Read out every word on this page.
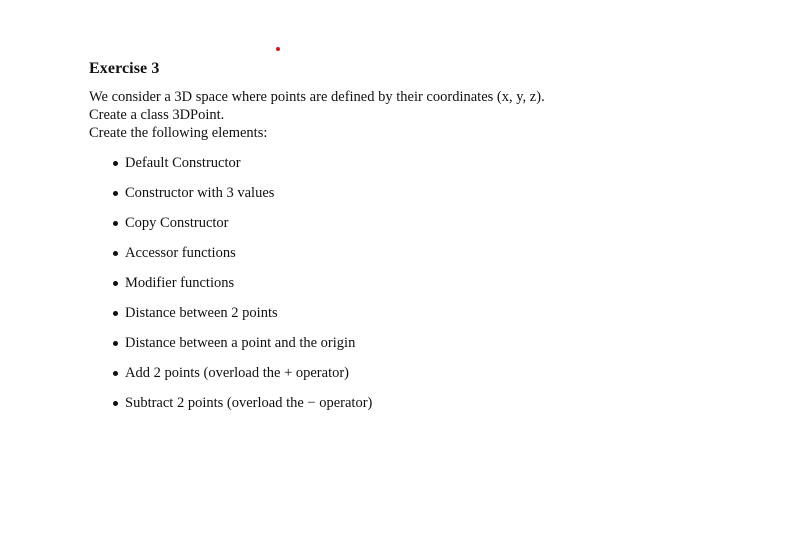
Exercise 3

We consider a 3D space where points are defined by their coordinates (x, y, z).

Create a class 3DPoint.

Create the following elements:

Default Constructor
Constructor with 3 values
Copy Constructor
Accessor functions
Modifier functions
Distance between 2 points
Distance between a point and the origin
Add 2 points (overload the + operator)
Subtract 2 points (overload the − operator)
